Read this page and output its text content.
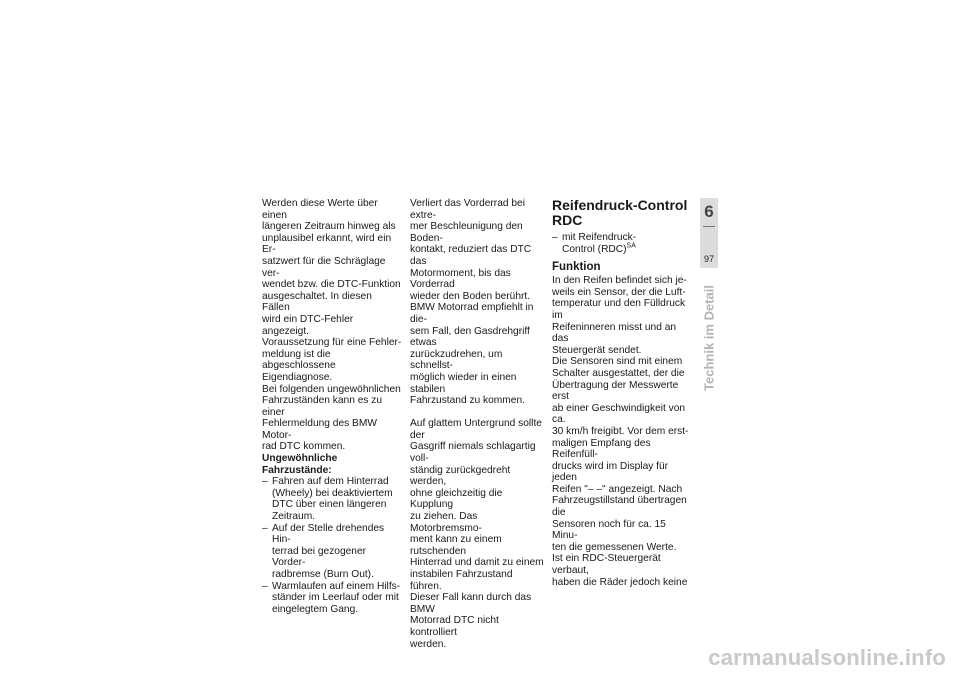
Werden diese Werte über einen
längeren Zeitraum hinweg als
unplausibel erkannt, wird ein Er-
satzwert für die Schräglage ver-
wendet bzw. die DTC-Funktion
ausgeschaltet. In diesen Fällen
wird ein DTC-Fehler angezeigt.
Voraussetzung für eine Fehler-
meldung ist die abgeschlossene
Eigendiagnose.

Bei folgenden ungewöhnlichen
Fahrzuständen kann es zu einer
Fehlermeldung des BMW Motor-
rad DTC kommen.

Ungewöhnliche
Fahrzustände:

– Fahren auf dem Hinterrad
(Wheely) bei deaktiviertem
DTC über einen längeren
Zeitraum.
– Auf der Stelle drehendes Hin-
terrad bei gezogener Vorder-
radbremse (Burn Out).
– Warmlaufen auf einem Hilfs-
ständer im Leerlauf oder mit
eingelegtem Gang.

Verliert das Vorderrad bei extre-
mer Beschleunigung den Boden-
kontakt, reduziert das DTC das
Motormoment, bis das Vorderrad
wieder den Boden berührt.

BMW Motorrad empfiehlt in die-
sem Fall, den Gasdrehgriff etwas
zurückzudrehen, um schnellst-
möglich wieder in einen stabilen
Fahrzustand zu kommen.

Auf glattem Untergrund sollte der
Gasgriff niemals schlagartig voll-
ständig zurückgedreht werden,
ohne gleichzeitig die Kupplung
zu ziehen. Das Motorbremsmo-
ment kann zu einem rutschenden
Hinterrad und damit zu einem
instabilen Fahrzustand führen.
Dieser Fall kann durch das BMW
Motorrad DTC nicht kontrolliert
werden.

Reifendruck-Control
RDC
– mit Reifendruck-
Control (RDC)$^{SA}$
Funktion

In den Reifen befindet sich je-
weils ein Sensor, der die Luft-
temperatur und den Fülldruck im
Reifeninneren misst und an das
Steuergerät sendet.

Die Sensoren sind mit einem
Schalter ausgestattet, der die
Übertragung der Messwerte erst
ab einer Geschwindigkeit von ca.
30 km/h freigibt. Vor dem erst-
maligen Empfang des Reifenfüll-
drucks wird im Display für jeden
Reifen "– –" angezeigt. Nach
Fahrzeugstillstand übertragen die
Sensoren noch für ca. 15 Minu-
ten die gemessenen Werte.

Ist ein RDC-Steuergerät verbaut,
haben die Räder jedoch keine

6
97
Technik im Detail
carmanualsonline.info
